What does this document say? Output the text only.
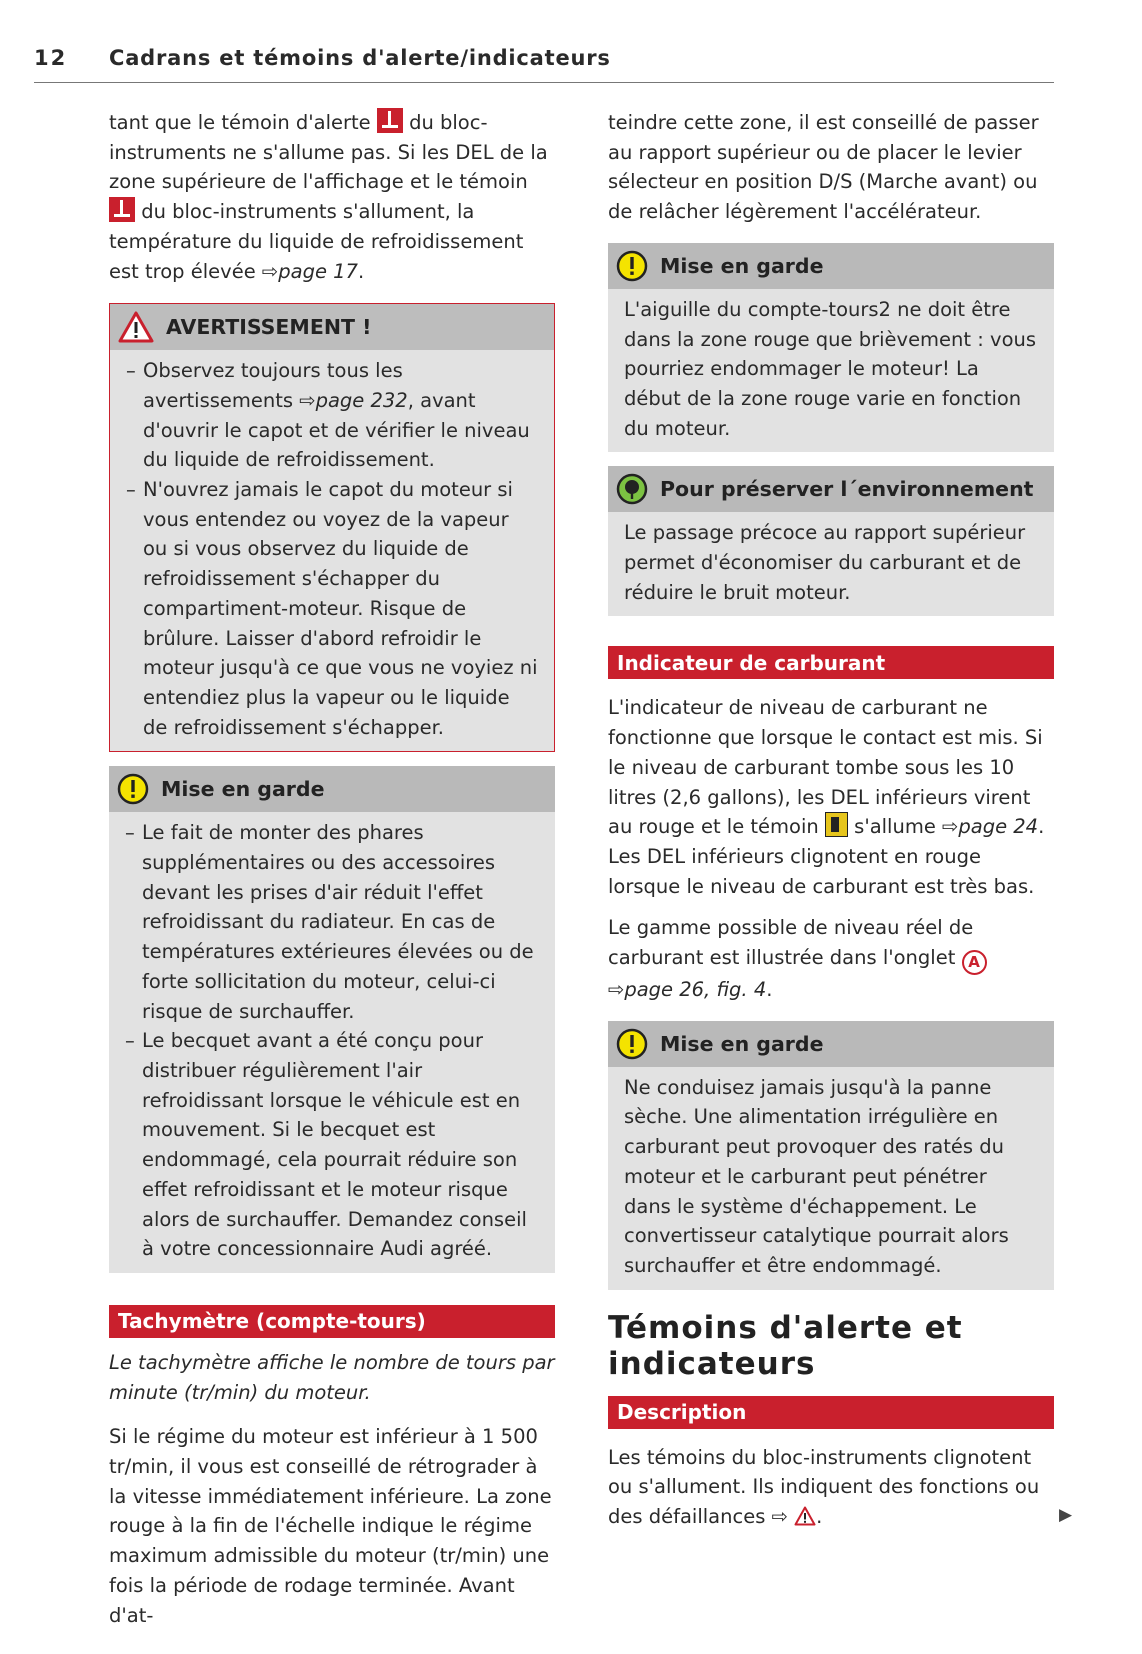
12 Cadrans et témoins d'alerte/indicateurs

tant que le témoin d'alerte du bloc-instruments ne s'allume pas. Si les DEL de la zone supérieure de l'affichage et le témoin  du bloc-instruments s'allument, la température du liquide de refroidissement est trop élevée ⇨page 17.

AVERTISSEMENT !
– Observez toujours tous les avertissements ⇨page 232, avant d'ouvrir le capot et de vérifier le niveau du liquide de refroidissement.

– N'ouvrez jamais le capot du moteur si vous entendez ou voyez de la vapeur ou si vous observez du liquide de refroidissement s'échapper du compartiment-moteur. Risque de brûlure. Laisser d'abord refroidir le moteur jusqu'à ce que vous ne voyiez ni entendiez plus la vapeur ou le liquide de refroidissement s'échapper.

Mise en garde
– Le fait de monter des phares supplémentaires ou des accessoires devant les prises d'air réduit l'effet refroidissant du radiateur. En cas de températures extérieures élevées ou de forte sollicitation du moteur, celui-ci risque de surchauffer.

– Le becquet avant a été conçu pour distribuer régulièrement l'air refroidissant lorsque le véhicule est en mouvement. Si le becquet est endommagé, cela pourrait réduire son effet refroidissant et le moteur risque alors de surchauffer. Demandez conseil à votre concessionnaire Audi agréé.

Tachymètre (compte-tours)

Le tachymètre affiche le nombre de tours par minute (tr/min) du moteur.

Si le régime du moteur est inférieur à 1 500 tr/min, il vous est conseillé de rétrograder à la vitesse immédiatement inférieure. La zone rouge à la fin de l'échelle indique le régime maximum admissible du moteur (tr/min) une fois la période de rodage terminée. Avant d'at-

teindre cette zone, il est conseillé de passer au rapport supérieur ou de placer le levier sélecteur en position D/S (Marche avant) ou de relâcher légèrement l'accélérateur.

Mise en garde

L'aiguille du compte-tours2 ne doit être dans la zone rouge que brièvement : vous pourriez endommager le moteur! La début de la zone rouge varie en fonction du moteur.

Pour préserver l´environnement

Le passage précoce au rapport supérieur permet d'économiser du carburant et de réduire le bruit moteur.

Indicateur de carburant

L'indicateur de niveau de carburant ne fonctionne que lorsque le contact est mis. Si le niveau de carburant tombe sous les 10 litres (2,6 gallons), les DEL inférieurs virent au rouge et le témoin s'allume ⇨page 24. Les DEL inférieurs clignotent en rouge lorsque le niveau de carburant est très bas.

Le gamme possible de niveau réel de carburant est illustrée dans l'onglet A ⇨page 26, fig. 4.

Mise en garde

Ne conduisez jamais jusqu'à la panne sèche. Une alimentation irrégulière en carburant peut provoquer des ratés du moteur et le carburant peut pénétrer dans le système d'échappement. Le convertisseur catalytique pourrait alors surchauffer et être endommagé.

Témoins d'alerte et indicateurs
Description

Les témoins du bloc-instruments clignotent ou s'allument. Ils indiquent des fonctions ou des défaillances ⇨ .	▶
